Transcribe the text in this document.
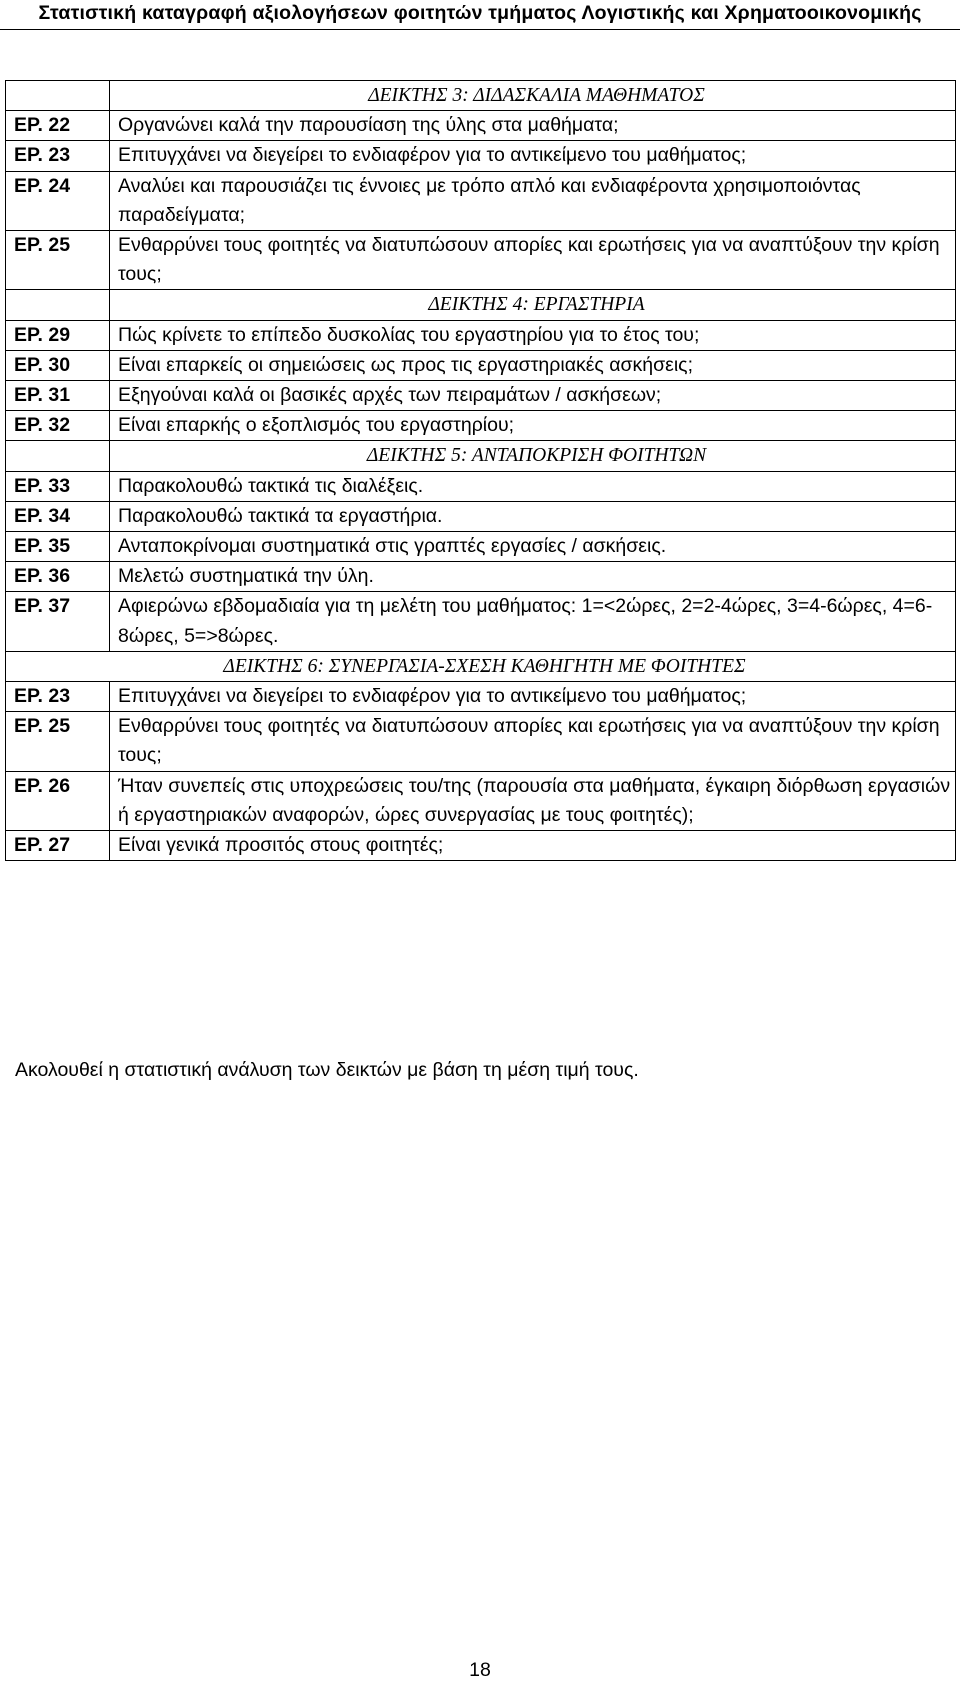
Στατιστική καταγραφή αξιολογήσεων φοιτητών τμήματος Λογιστικής και Χρηματοοικονομικής
	ΔΕΙΚΤΗΣ 3: ΔΙΔΑΣΚΑΛΙΑ ΜΑΘΗΜΑΤΟΣ
ΕΡ. 22	Οργανώνει καλά την παρουσίαση της ύλης στα μαθήματα;
ΕΡ. 23	Επιτυγχάνει να διεγείρει το ενδιαφέρον για το αντικείμενο του μαθήματος;
ΕΡ. 24	Αναλύει και παρουσιάζει τις έννοιες με τρόπο απλό και ενδιαφέροντα χρησιμοποιόντας παραδείγματα;
ΕΡ. 25	Ενθαρρύνει τους φοιτητές να διατυπώσουν απορίες και ερωτήσεις για να αναπτύξουν την κρίση τους;
	ΔΕΙΚΤΗΣ 4: ΕΡΓΑΣΤΗΡΙΑ
ΕΡ. 29	Πώς κρίνετε το επίπεδο δυσκολίας του εργαστηρίου για το έτος του;
ΕΡ. 30	Είναι επαρκείς οι σημειώσεις ως προς τις εργαστηριακές ασκήσεις;
ΕΡ. 31	Εξηγούναι καλά οι βασικές αρχές των πειραμάτων / ασκήσεων;
ΕΡ. 32	Είναι επαρκής ο εξοπλισμός του εργαστηρίου;
	ΔΕΙΚΤΗΣ 5: ΑΝΤΑΠΟΚΡΙΣΗ ΦΟΙΤΗΤΩΝ
ΕΡ. 33	Παρακολουθώ τακτικά τις διαλέξεις.
ΕΡ. 34	Παρακολουθώ τακτικά τα εργαστήρια.
ΕΡ. 35	Ανταποκρίνομαι συστηματικά στις γραπτές εργασίες / ασκήσεις.
ΕΡ. 36	Μελετώ συστηματικά την ύλη.
ΕΡ. 37	Αφιερώνω εβδομαδιαία για τη μελέτη του μαθήματος: 1=<2ώρες, 2=2-4ώρες, 3=4-6ώρες, 4=6-8ώρες, 5=>8ώρες.
ΔΕΙΚΤΗΣ 6: ΣΥΝΕΡΓΑΣΙΑ-ΣΧΕΣΗ ΚΑΘΗΓΗΤΗ ΜΕ ΦΟΙΤΗΤΕΣ	
ΕΡ. 23	Επιτυγχάνει να διεγείρει το ενδιαφέρον για το αντικείμενο του μαθήματος;
ΕΡ. 25	Ενθαρρύνει τους φοιτητές να διατυπώσουν απορίες και ερωτήσεις για να αναπτύξουν την κρίση τους;
ΕΡ. 26	Ήταν συνεπείς στις υποχρεώσεις του/της (παρουσία στα μαθήματα, έγκαιρη διόρθωση εργασιών ή εργαστηριακών αναφορών, ώρες συνεργασίας με τους φοιτητές);
ΕΡ. 27	Είναι γενικά προσιτός στους φοιτητές;
Ακολουθεί η στατιστική ανάλυση των δεικτών με βάση τη μέση τιμή τους.
18
